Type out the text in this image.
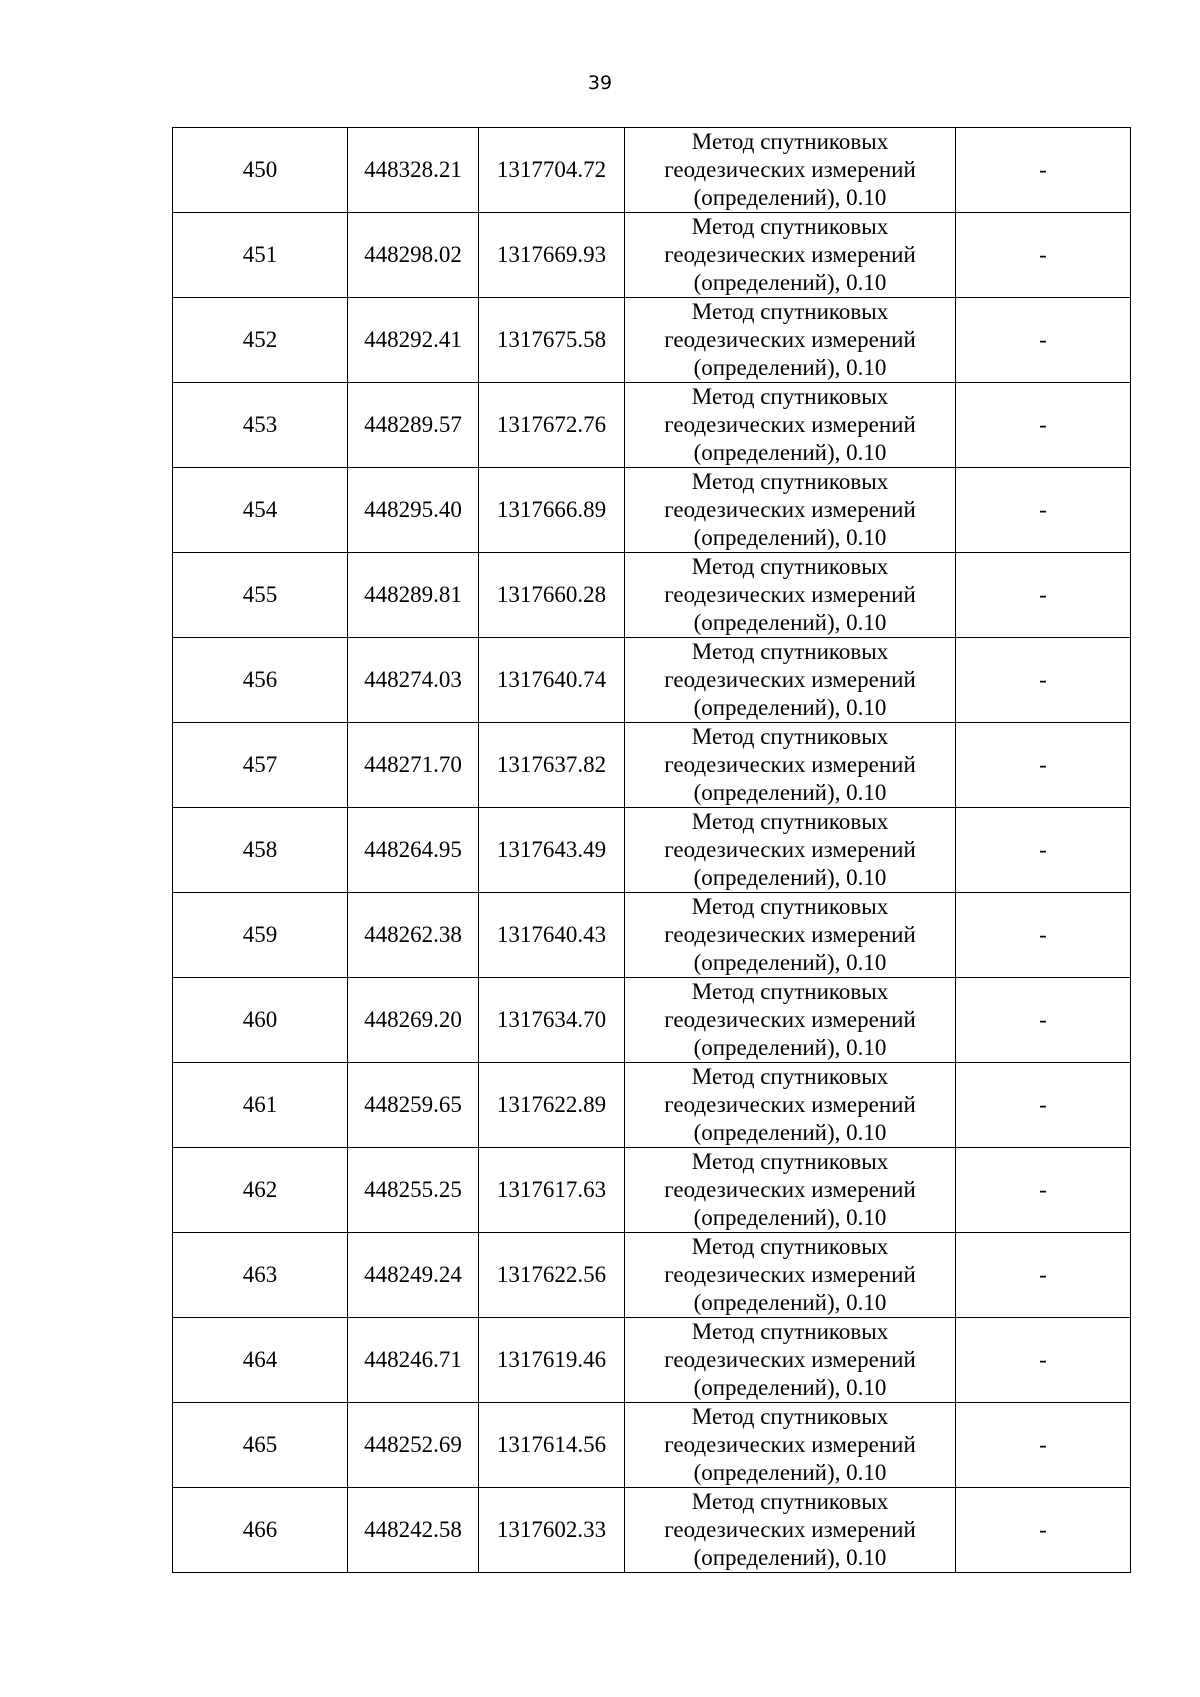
39
450	448328.21	1317704.72	Метод спутниковых
геодезических измерений
(определений), 0.10	-
451	448298.02	1317669.93	Метод спутниковых
геодезических измерений
(определений), 0.10	-
452	448292.41	1317675.58	Метод спутниковых
геодезических измерений
(определений), 0.10	-
453	448289.57	1317672.76	Метод спутниковых
геодезических измерений
(определений), 0.10	-
454	448295.40	1317666.89	Метод спутниковых
геодезических измерений
(определений), 0.10	-
455	448289.81	1317660.28	Метод спутниковых
геодезических измерений
(определений), 0.10	-
456	448274.03	1317640.74	Метод спутниковых
геодезических измерений
(определений), 0.10	-
457	448271.70	1317637.82	Метод спутниковых
геодезических измерений
(определений), 0.10	-
458	448264.95	1317643.49	Метод спутниковых
геодезических измерений
(определений), 0.10	-
459	448262.38	1317640.43	Метод спутниковых
геодезических измерений
(определений), 0.10	-
460	448269.20	1317634.70	Метод спутниковых
геодезических измерений
(определений), 0.10	-
461	448259.65	1317622.89	Метод спутниковых
геодезических измерений
(определений), 0.10	-
462	448255.25	1317617.63	Метод спутниковых
геодезических измерений
(определений), 0.10	-
463	448249.24	1317622.56	Метод спутниковых
геодезических измерений
(определений), 0.10	-
464	448246.71	1317619.46	Метод спутниковых
геодезических измерений
(определений), 0.10	-
465	448252.69	1317614.56	Метод спутниковых
геодезических измерений
(определений), 0.10	-
466	448242.58	1317602.33	Метод спутниковых
геодезических измерений
(определений), 0.10	-
